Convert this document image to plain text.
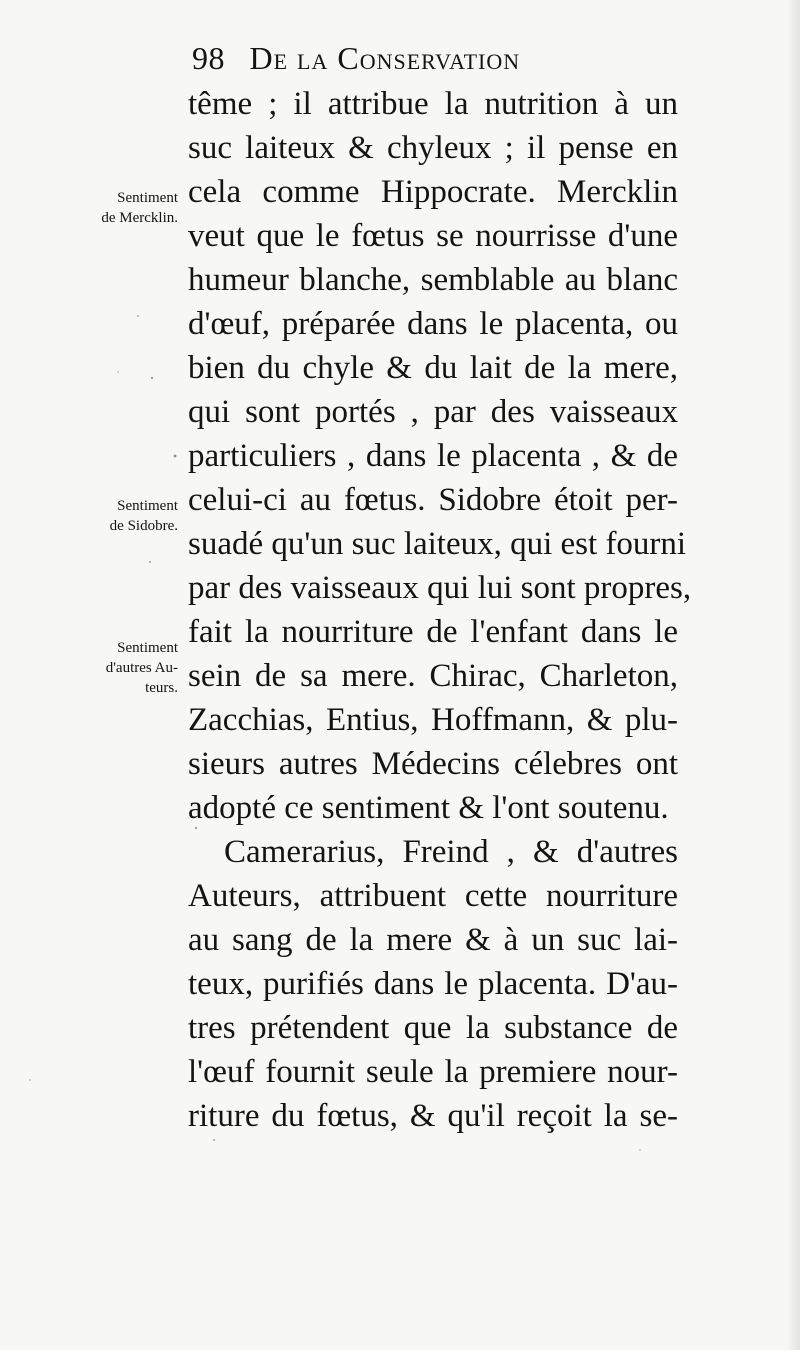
98 De la Conservation
Sentiment
de Mercklin.
Sentiment
de Sidobre.
Sentiment
d'autres Au-
teurs.
tême ; il attribue la nutrition à un
suc laiteux & chyleux ; il pense en
cela comme Hippocrate. Mercklin
veut que le fœtus se nourrisse d'une
humeur blanche, semblable au blanc
d'œuf, préparée dans le placenta, ou
bien du chyle & du lait de la mere,
qui sont portés , par des vaisseaux
particuliers , dans le placenta , & de
celui-ci au fœtus. Sidobre étoit per-
suadé qu'un suc laiteux, qui est fourni
par des vaisseaux qui lui sont propres,
fait la nourriture de l'enfant dans le
sein de sa mere. Chirac, Charleton,
Zacchias, Entius, Hoffmann, & plu-
sieurs autres Médecins célebres ont
adopté ce sentiment & l'ont soutenu.
Camerarius, Freind , & d'autres
Auteurs, attribuent cette nourriture
au sang de la mere & à un suc lai-
teux, purifiés dans le placenta. D'au-
tres prétendent que la substance de
l'œuf fournit seule la premiere nour-
riture du fœtus, & qu'il reçoit la se-
